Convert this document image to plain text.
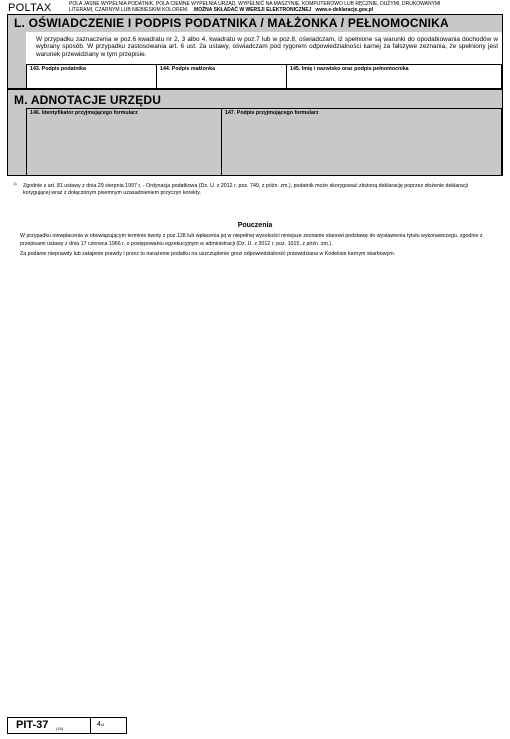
POLTAX	POLA JASNE WYPEŁNIA PODATNIK, POLA CIEMNE WYPEŁNIA URZĄD. WYPEŁNIĆ NA MASZYNIE, KOMPUTEROWO LUB RĘCZNIE, DUŻYMI, DRUKOWANYMI
LITERAMI, CZARNYM LUB NIEBIESKIM KOLOREM. MOŻNA SKŁADAĆ W WERSJI ELEKTRONICZNEJ www.e-deklaracje.gov.pl
L. OŚWIADCZENIE I PODPIS PODATNIKA / MAŁŻONKA / PEŁNOMOCNIKA
W przypadku zaznaczenia w poz.6 kwadratu nr 2, 3 albo 4, kwadratu w poz.7 lub w poz.8, oświadczam, iż spełnione są warunki do opodatkowania dochodów w wybrany sposób. W przypadku zastosowania art. 6 ust. 2a ustawy, oświadczam pod rygorem odpowiedzialności karnej za fałszywe zeznania, że spełniony jest warunek przewidziany w tym przepisie.
143. Podpis podatnika	144. Podpis małżonka	145. Imię i nazwisko oraz podpis pełnomocnika
M. ADNOTACJE URZĘDU
146. Identyfikator przyjmującego formularz	147. Podpis przyjmującego formularz
1)	Zgodnie z art. 81 ustawy z dnia 29 sierpnia 1997 r. - Ordynacja podatkowa (Dz. U. z 2012 r. poz. 749, z późn. zm.), podatnik może skorygować złożoną deklarację poprzez złożenie deklaracji korygującej wraz z dołączonym pisemnym uzasadnieniem przyczyn korekty.
Pouczenia

W przypadku niewpłacenia w obowiązującym terminie kwoty z poz.128 lub wpłacenia jej w niepełnej wysokości niniejsze zeznanie stanowi podstawę do wystawienia tytułu wykonawczego, zgodnie z przepisami ustawy z dnia 17 czerwca 1966 r. o postępowaniu egzekucyjnym w administracji (Dz. U. z 2012 r. poz. 1015, z późn. zm.).

Za podanie nieprawdy lub zatajenie prawdy i przez to narażenie podatku na uszczuplenie grozi odpowiedzialność przewidziana w Kodeksie karnym skarbowym.

PIT-37 (19)
4/4
